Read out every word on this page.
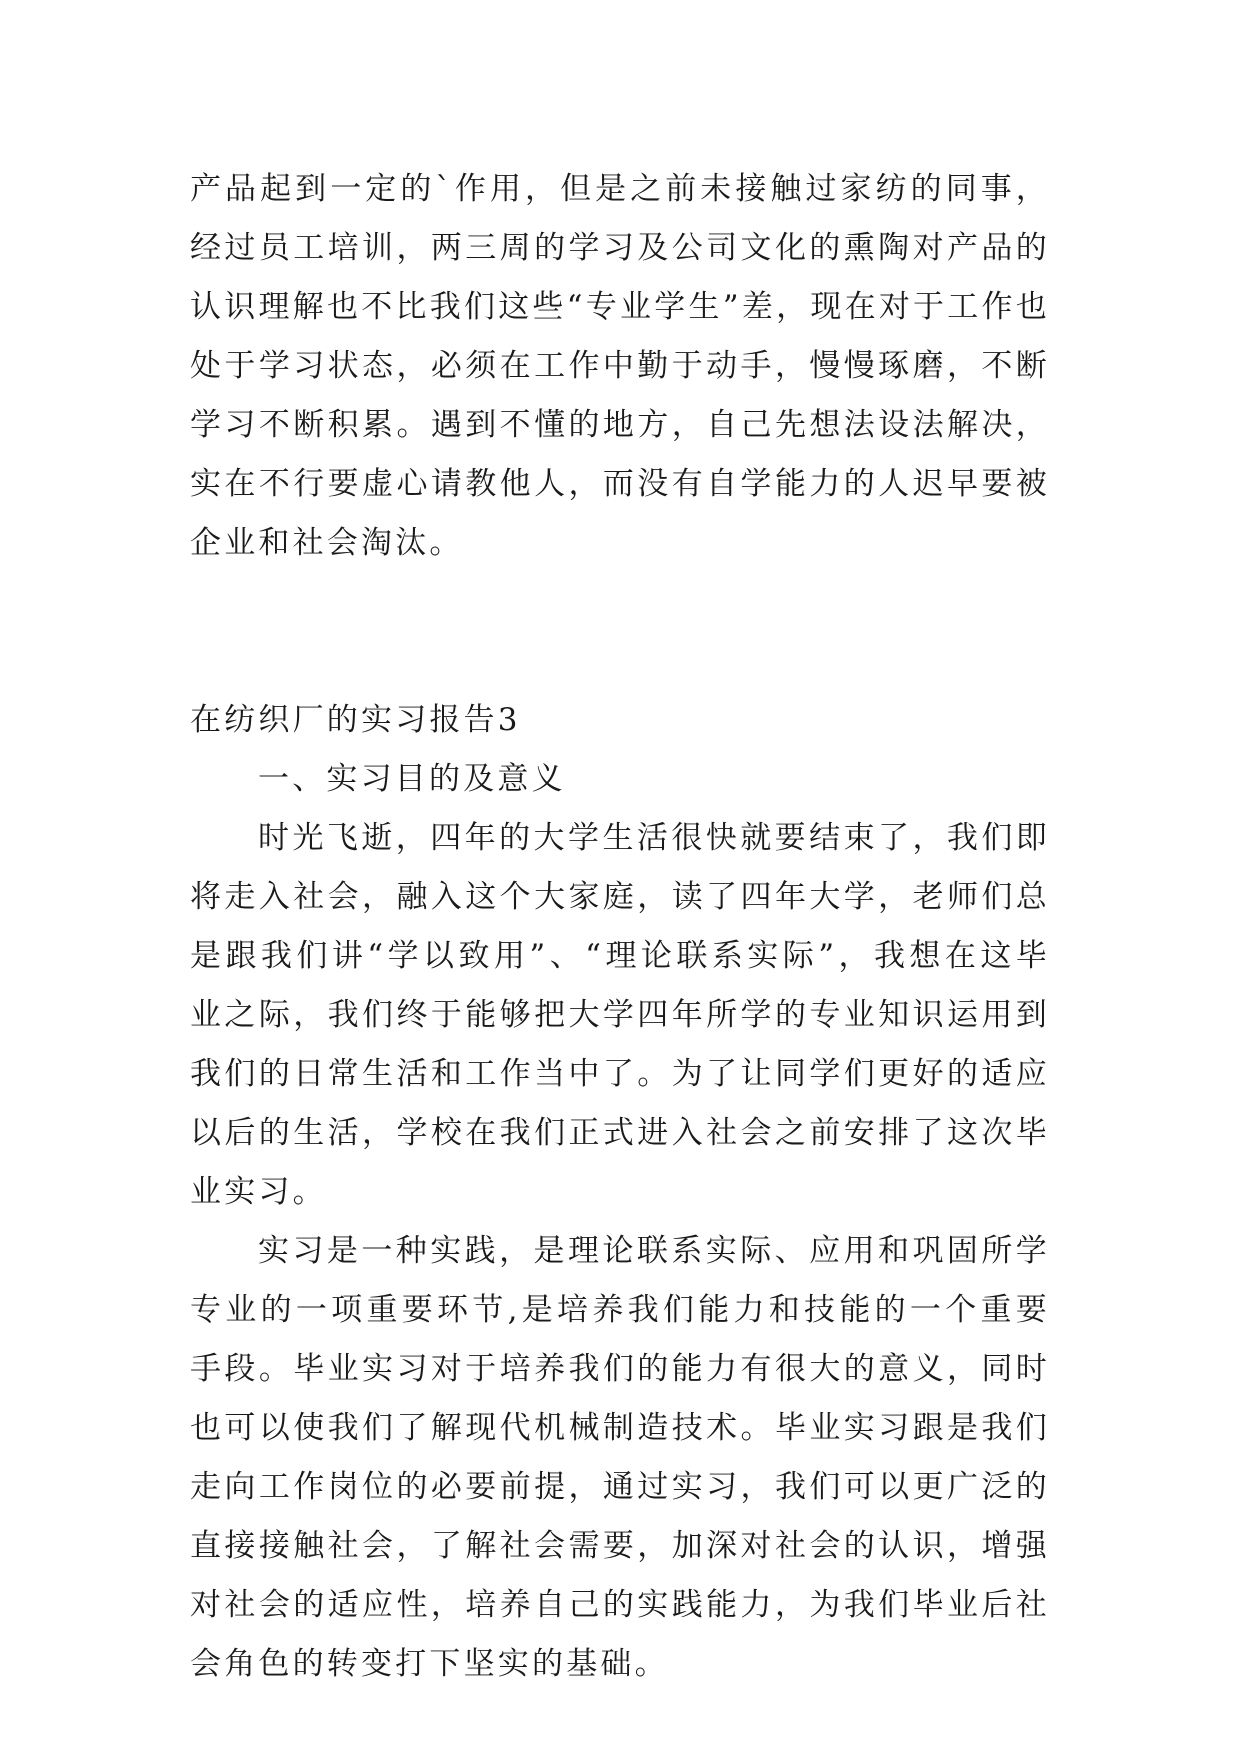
产品起到一定的`作用，但是之前未接触过家纺的同事，经过员工培训，两三周的学习及公司文化的熏陶对产品的认识理解也不比我们这些“专业学生”差，现在对于工作也处于学习状态，必须在工作中勤于动手，慢慢琢磨，不断学习不断积累。遇到不懂的地方，自己先想法设法解决，实在不行要虚心请教他人，而没有自学能力的人迟早要被企业和社会淘汰。

在纺织厂的实习报告3

一、实习目的及意义

时光飞逝，四年的大学生活很快就要结束了，我们即将走入社会，融入这个大家庭，读了四年大学，老师们总是跟我们讲“学以致用”、“理论联系实际”，我想在这毕业之际，我们终于能够把大学四年所学的专业知识运用到我们的日常生活和工作当中了。为了让同学们更好的适应以后的生活，学校在我们正式进入社会之前安排了这次毕业实习。

实习是一种实践，是理论联系实际、应用和巩固所学专业的一项重要环节,是培养我们能力和技能的一个重要手段。毕业实习对于培养我们的能力有很大的意义，同时也可以使我们了解现代机械制造技术。毕业实习跟是我们走向工作岗位的必要前提，通过实习，我们可以更广泛的直接接触社会，了解社会需要，加深对社会的认识，增强对社会的适应性，培养自己的实践能力，为我们毕业后社会角色的转变打下坚实的基础。
